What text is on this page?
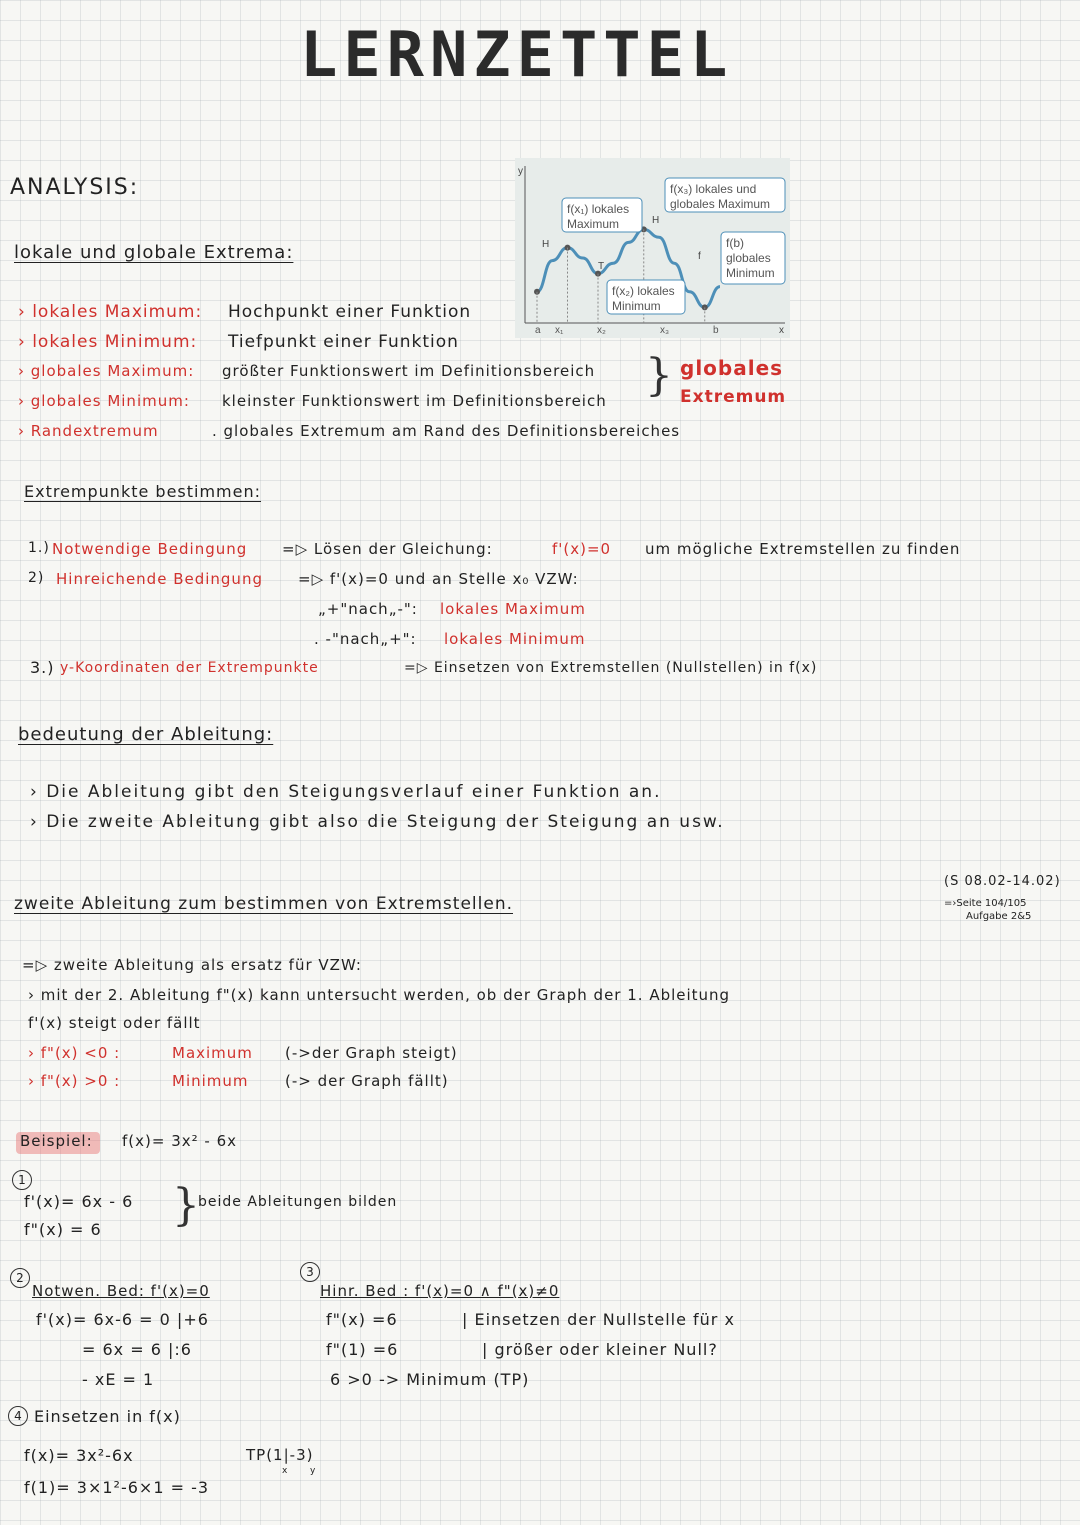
LERNZETTEL
ANALYSIS:
lokale und globale Extrema:
› lokales Maximum: Hochpunkt einer Funktion
› lokales Minimum: Tiefpunkt einer Funktion
› globales Maximum: größter Funktionswert im Definitionsbereich
› globales Minimum: kleinster Funktionswert im Definitionsbereich
› Randextremum	. globales Extremum am Rand des Definitionsbereiches
} globales
Extremum
y
x
H
T
H
f
f(x₁) lokales
Maximum
f(x₃) lokales und
globales Maximum
f(x₂) lokales
Minimum
f(b)
globales
Minimum
a x₁	x₂	x₃	b
Extrempunkte bestimmen:
1.) Notwendige Bedingung =▷ Lösen der Gleichung:	f'(x)=0 um mögliche Extremstellen zu finden
2) Hinreichende Bedingung =▷ f'(x)=0 und an Stelle x₀ VZW:
„+"nach„-": lokales Maximum
. -"nach„+": lokales Minimum
3.) y-Koordinaten der Extrempunkte	=▷ Einsetzen von Extremstellen (Nullstellen) in f(x)
bedeutung der Ableitung:
› Die Ableitung gibt den Steigungsverlauf einer Funktion an.
› Die zweite Ableitung gibt also die Steigung der Steigung an usw.
zweite Ableitung zum bestimmen von Extremstellen.
(S 08.02-14.02)
=›Seite 104/105
Aufgabe 2&5
=▷ zweite Ableitung als ersatz für VZW:
› mit der 2. Ableitung f"(x) kann untersucht werden, ob der Graph der 1. Ableitung
f'(x) steigt oder fällt
› f"(x) <0 :	Maximum (->der Graph steigt)
› f"(x) >0 :	Minimum (-> der Graph fällt)
Beispiel: f(x)= 3x² - 6x
1
f'(x)= 6x - 6
f"(x) = 6 }
beide Ableitungen bilden
2
Notwen. Bed: f'(x)=0
f'(x)= 6x-6 = 0 |+6
= 6x = 6 |:6
- xE = 1
3
Hinr. Bed : f'(x)=0 ∧ f"(x)≠0
f"(x) =6	| Einsetzen der Nullstelle für x
f"(1) =6	| größer oder kleiner Null?
6 >0 -> Minimum (TP)
4 Einsetzen in f(x)
f(x)= 3x²-6x
f(1)= 3×1²-6×1 = -3
TP(1|-3)
x y
